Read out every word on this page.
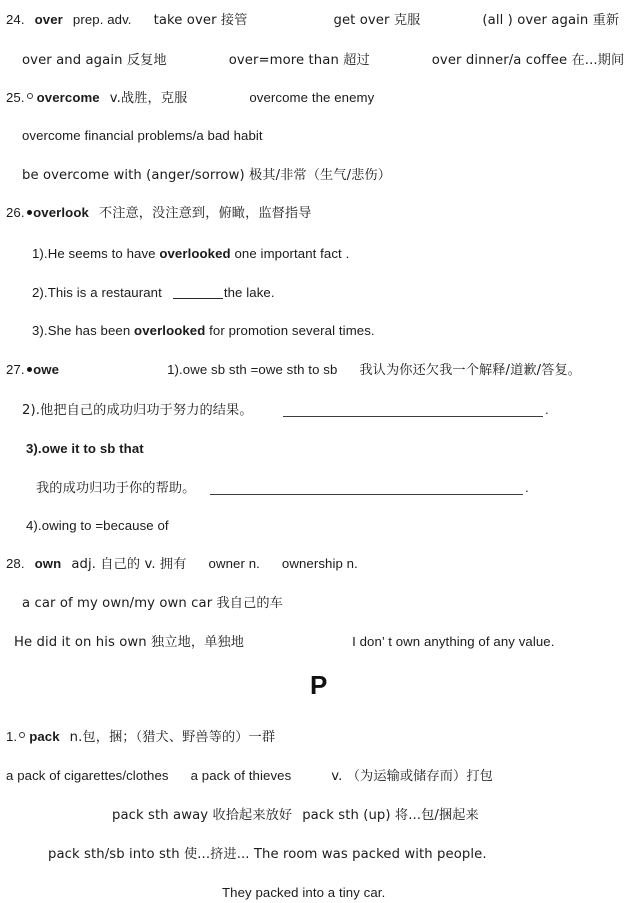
24. over prep. adv. take over 接管	get over 克服	(all ) over again 重新
over and again 反复地	over=more than 超过	over dinner/a coffee 在...期间
25. overcome v.战胜，克服	overcome the enemy
overcome financial problems/a bad habit
be overcome with (anger/sorrow) 极其/非常（生气/悲伤）
26. overlook 不注意，没注意到，俯瞰，监督指导
1).He seems to have overlooked one important fact .
2).This is a restaurant	the lake.
3).She has been overlooked for promotion several times.
27. owe	1).owe sb sth =owe sth to sb 我认为你还欠我一个解释/道歉/答复。
2).他把自己的成功归功于努力的结果。	.
3).owe it to sb that
我的成功归功于你的帮助。	.
4).owing to =because of
28. own adj. 自己的 v. 拥有 owner n. ownership n.
a car of my own/my own car 我自己的车
He did it on his own 独立地，单独地	I don’ t own anything of any value.
P
1. pack n.包，捆；（猎犬、野兽等的）一群
a pack of cigarettes/clothes a pack of thieves	v. （为运输或储存而）打包
pack sth away 收拾起来放好 pack sth (up) 将...包/捆起来
pack sth/sb into sth 使...挤进... The room was packed with people.
They packed into a tiny car.
